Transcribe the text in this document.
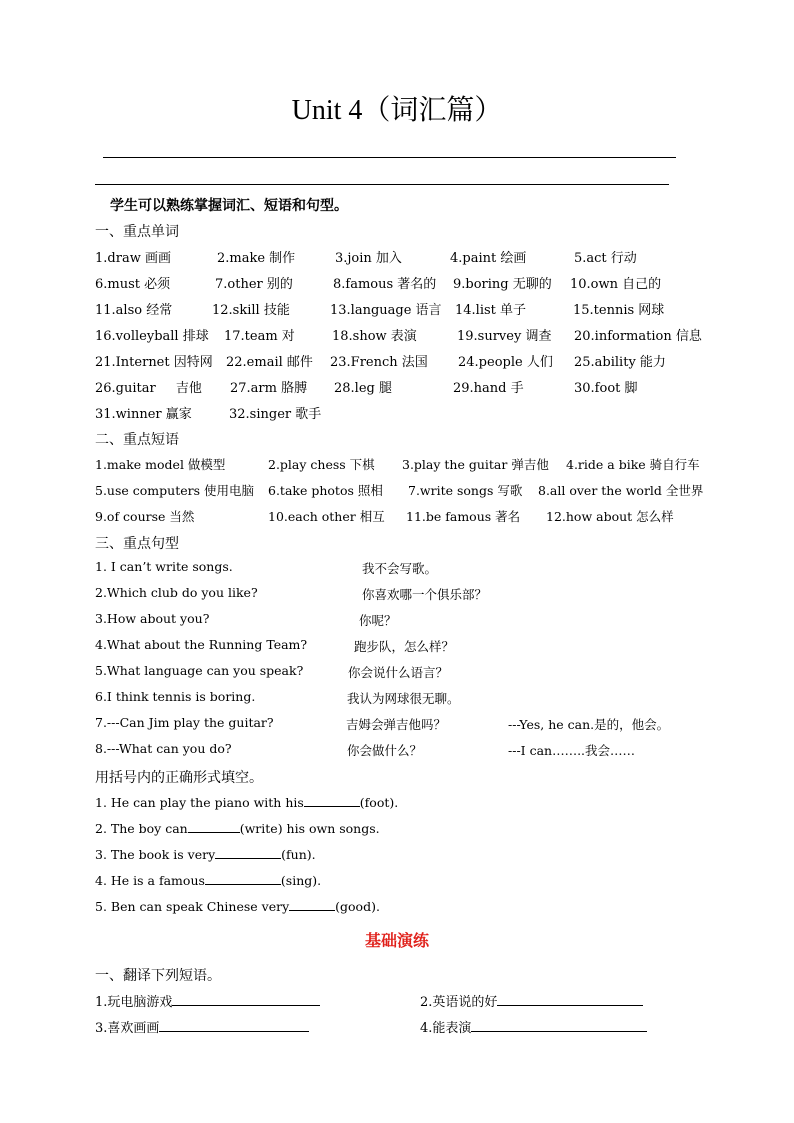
Unit 4（词汇篇）
学生可以熟练掌握词汇、短语和句型。
一、重点单词
1.draw 画画	2.make 制作	3.join 加入	4.paint 绘画	5.act 行动
6.must 必须	7.other 别的	8.famous 著名的 9.boring 无聊的 10.own 自己的
11.also 经常	12.skill 技能	13.language 语言 14.list 单子	15.tennis 网球
16.volleyball 排球 17.team 对	18.show 表演	19.survey 调查 20.information 信息
21.Internet 因特网 22.email 邮件 23.French 法国 24.people 人们 25.ability 能力
26.guitar 吉他 27.arm 胳膊 28.leg 腿	29.hand 手	30.foot 脚
31.winner 赢家	32.singer 歌手
二、重点短语
1.make model 做模型	2.play chess 下棋 3.play the guitar 弹吉他 4.ride a bike 骑自行车
5.use computers 使用电脑 6.take photos 照相 7.write songs 写歌 8.all over the world 全世界
9.of course 当然	10.each other 相互 11.be famous 著名 12.how about 怎么样
三、重点句型
1. I can’t write songs.	我不会写歌。
2.Which club do you like?	你喜欢哪一个俱乐部？
3.How about you?	你呢？
4.What about the Running Team?	跑步队，怎么样？
5.What language can you speak?	你会说什么语言？
6.I think tennis is boring.	我认为网球很无聊。
7.---Can Jim play the guitar?	吉姆会弹吉他吗？	---Yes, he can.是的，他会。
8.---What can you do?	你会做什么？	---I can……..我会……
用括号内的正确形式填空。
1. He can play the piano with his	(foot).
2. The boy can	(write) his own songs.
3. The book is very	(fun).
4. He is a famous	(sing).
5. Ben can speak Chinese very	(good).
基础演练
一、翻译下列短语。
1.玩电脑游戏	2.英语说的好
3.喜欢画画	4.能表演
